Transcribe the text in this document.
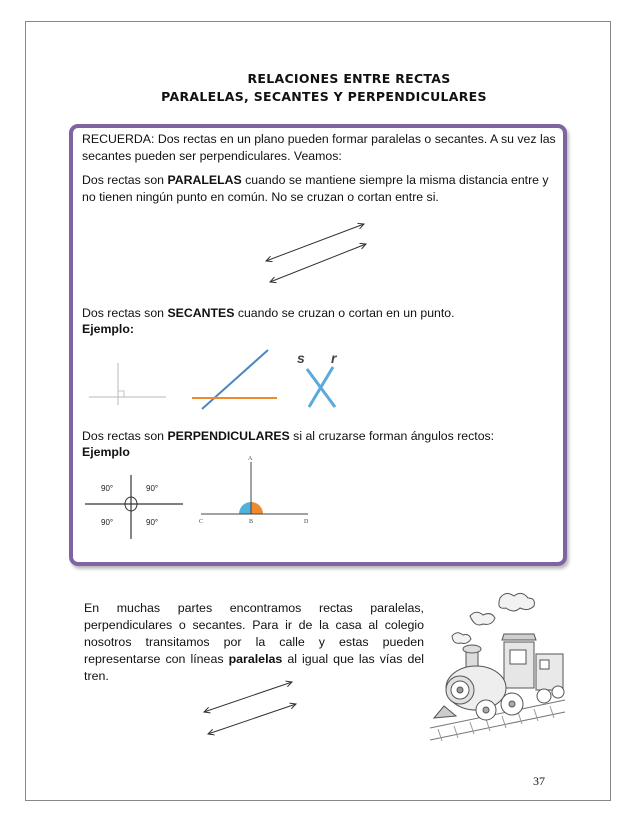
RELACIONES ENTRE RECTAS
PARALELAS, SECANTES Y PERPENDICULARES
RECUERDA: Dos rectas en un plano pueden formar paralelas o secantes. A su vez las secantes pueden ser perpendiculares. Veamos:
Dos rectas son PARALELAS cuando se mantiene siempre la misma distancia entre y no tienen ningún punto en común. No se cruzan o cortan entre si.
Dos rectas son SECANTES cuando se cruzan o cortan en un punto.
Ejemplo:
s r
Dos rectas son PERPENDICULARES si al cruzarse forman ángulos rectos:
Ejemplo
90°	90°
90°	90°
A
B
C	D
En muchas partes encontramos rectas paralelas, perpendiculares o secantes. Para ir de la casa al colegio nosotros transitamos por la calle y estas pueden representarse con líneas paralelas al igual que las vías del tren.
37
